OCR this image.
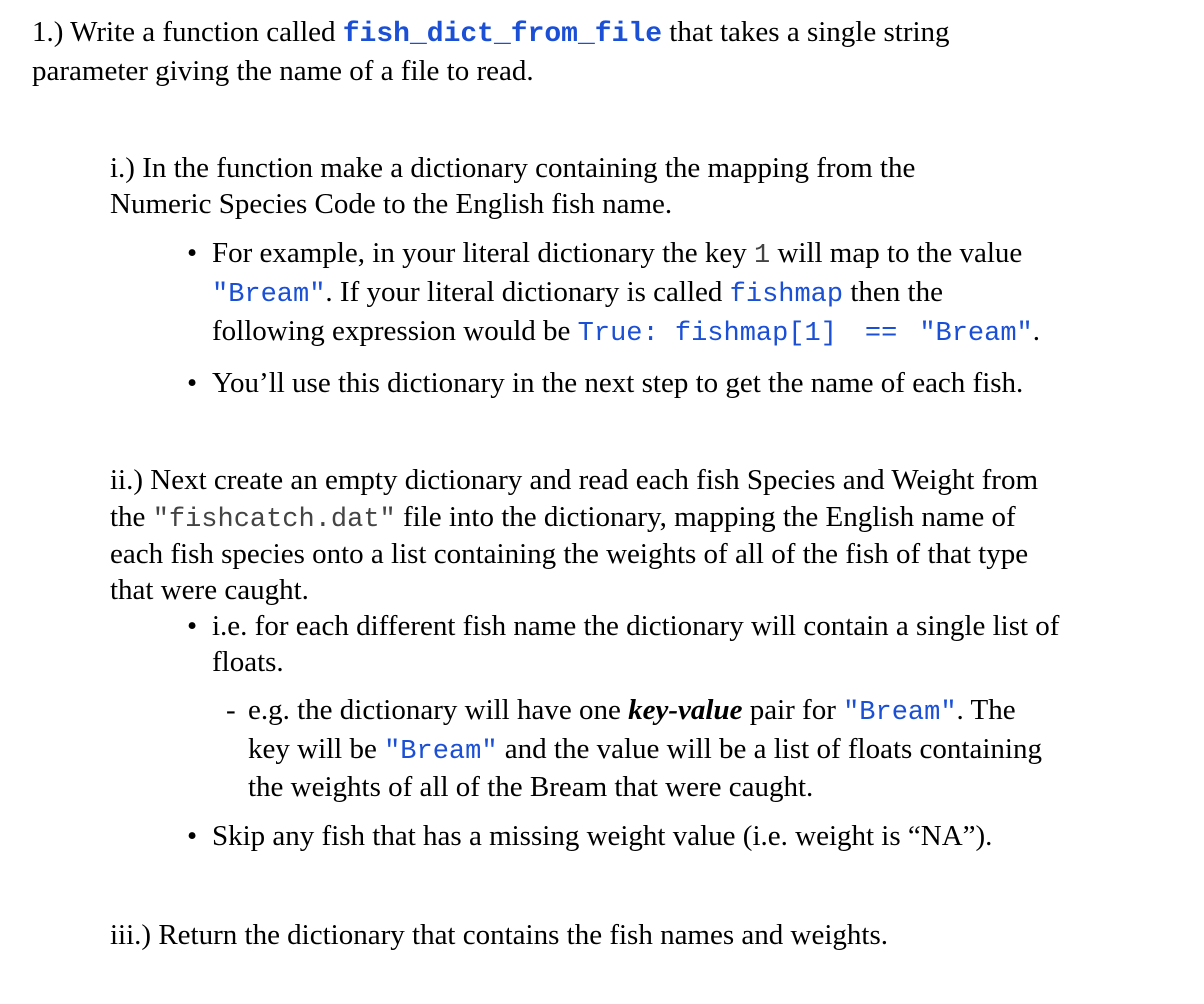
1.) Write a function called fish_dict_from_file that takes a single string
parameter giving the name of a file to read.
i.) In the function make a dictionary containing the mapping from the
Numeric Species Code to the English fish name.
• For example, in your literal dictionary the key 1 will map to the value
"Bream". If your literal dictionary is called fishmap then the
following expression would be True: fishmap[1] == "Bream".
• You’ll use this dictionary in the next step to get the name of each fish.
ii.) Next create an empty dictionary and read each fish Species and Weight from
the "fishcatch.dat" file into the dictionary, mapping the English name of
each fish species onto a list containing the weights of all of the fish of that type
that were caught.
• i.e. for each different fish name the dictionary will contain a single list of
floats.
- e.g. the dictionary will have one key-value pair for "Bream". The
key will be "Bream" and the value will be a list of floats containing
the weights of all of the Bream that were caught.
• Skip any fish that has a missing weight value (i.e. weight is “NA”).
iii.) Return the dictionary that contains the fish names and weights.
